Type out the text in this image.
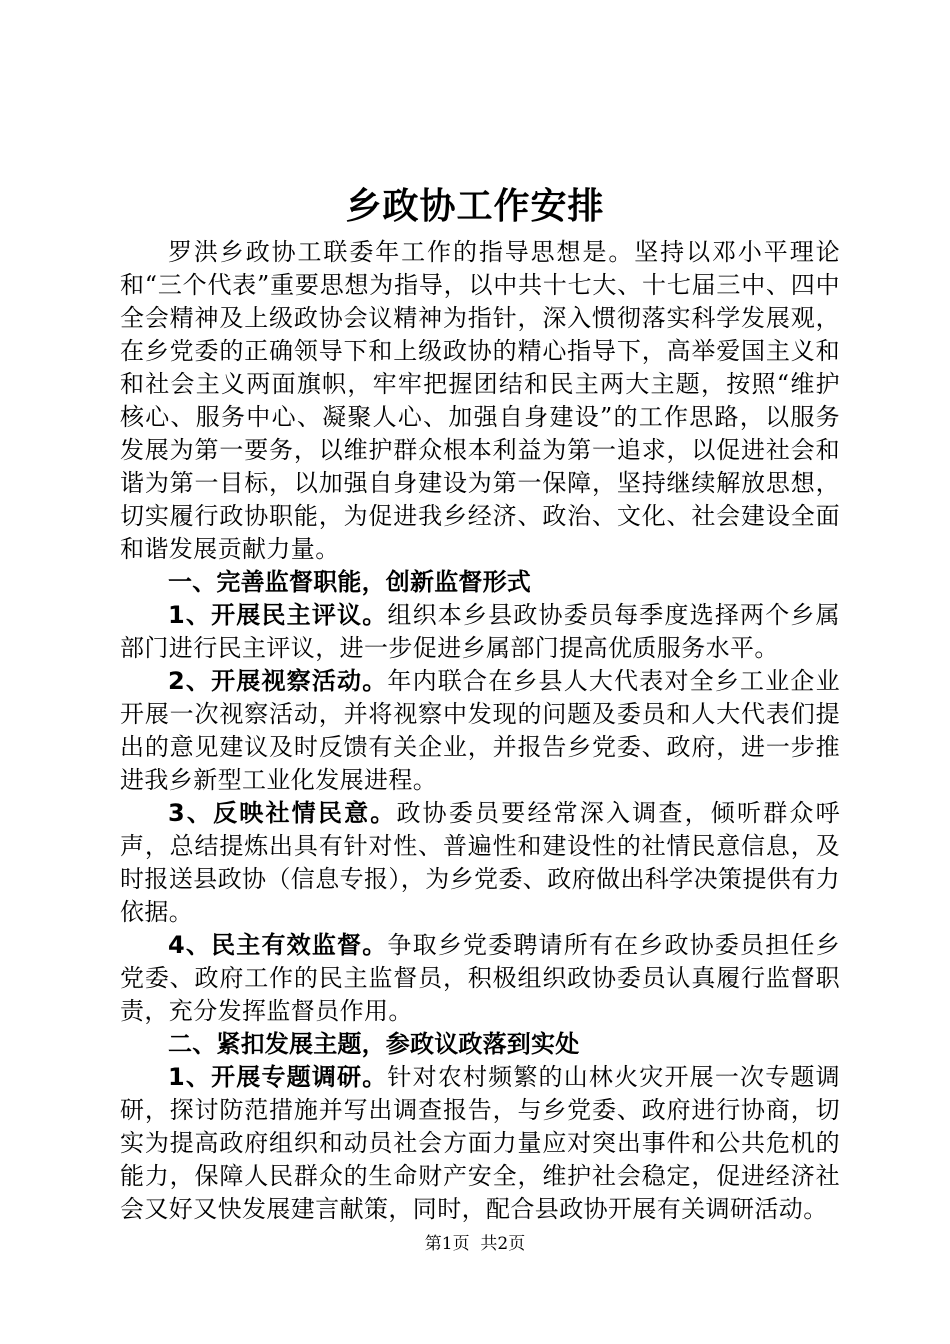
乡政协工作安排

罗洪乡政协工联委年工作的指导思想是。坚持以邓小平理论和“三个代表”重要思想为指导，以中共十七大、十七届三中、四中全会精神及上级政协会议精神为指针，深入惯彻落实科学发展观，在乡党委的正确领导下和上级政协的精心指导下，高举爱国主义和和社会主义两面旗帜，牢牢把握团结和民主两大主题，按照“维护核心、服务中心、凝聚人心、加强自身建设”的工作思路，以服务发展为第一要务，以维护群众根本利益为第一追求，以促进社会和谐为第一目标，以加强自身建设为第一保障，坚持继续解放思想，切实履行政协职能，为促进我乡经济、政治、文化、社会建设全面和谐发展贡献力量。

一、完善监督职能，创新监督形式

1、开展民主评议。组织本乡县政协委员每季度选择两个乡属部门进行民主评议，进一步促进乡属部门提高优质服务水平。

2、开展视察活动。年内联合在乡县人大代表对全乡工业企业开展一次视察活动，并将视察中发现的问题及委员和人大代表们提出的意见建议及时反馈有关企业，并报告乡党委、政府，进一步推进我乡新型工业化发展进程。

3、反映社情民意。政协委员要经常深入调查，倾听群众呼声，总结提炼出具有针对性、普遍性和建设性的社情民意信息，及时报送县政协（信息专报），为乡党委、政府做出科学决策提供有力依据。

4、民主有效监督。争取乡党委聘请所有在乡政协委员担任乡党委、政府工作的民主监督员，积极组织政协委员认真履行监督职责，充分发挥监督员作用。

二、紧扣发展主题，参政议政落到实处

1、开展专题调研。针对农村频繁的山林火灾开展一次专题调研，探讨防范措施并写出调查报告，与乡党委、政府进行协商，切实为提高政府组织和动员社会方面力量应对突出事件和公共危机的能力，保障人民群众的生命财产安全，维护社会稳定，促进经济社会又好又快发展建言献策，同时，配合县政协开展有关调研活动。

第1页 共2页
